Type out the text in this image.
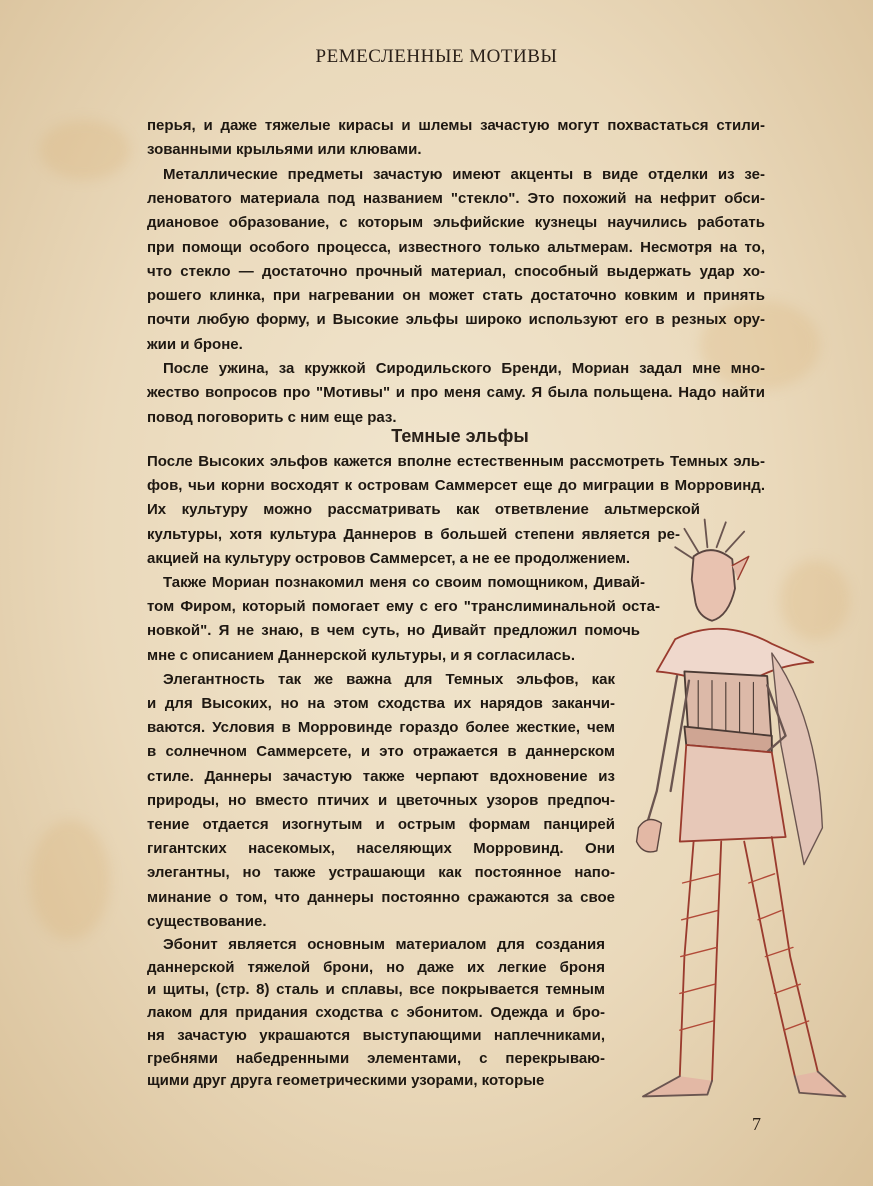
РЕМЕСЛЕННЫЕ МОТИВЫ
Темные эльфы
перья, и даже тяжелые кирасы и шлемы зачастую могут похвастаться стили-
зованными крыльями или клювами.
Металлические предметы зачастую имеют акценты в виде отделки из зе-
леноватого материала под названием "стекло". Это похожий на нефрит обси-
диановое образование, с которым эльфийские кузнецы научились работать
при помощи особого процесса, известного только альтмерам. Несмотря на то,
что стекло — достаточно прочный материал, способный выдержать удар хо-
рошего клинка, при нагревании он может стать достаточно ковким и принять
почти любую форму, и Высокие эльфы широко используют его в резных ору-
жии и броне.
После ужина, за кружкой Сиродильского Бренди, Мориан задал мне мно-
жество вопросов про "Мотивы" и про меня саму. Я была польщена. Надо найти
повод поговорить с ним еще раз.
После Высоких эльфов кажется вполне естественным рассмотреть Темных эль-
фов, чьи корни восходят к островам Саммерсет еще до миграции в Морровинд.
Их культуру можно рассматривать как ответвление альтмерской
культуры, хотя культура Даннеров в большей степени является ре-
акцией на культуру островов Саммерсет, а не ее продолжением.
Также Мориан познакомил меня со своим помощником, Дивай-
том Фиром, который помогает ему с его "транслиминальной оста-
новкой". Я не знаю, в чем суть, но Дивайт предложил помочь
мне с описанием Даннерской культуры, и я согласилась.
Элегантность так же важна для Темных эльфов, как
и для Высоких, но на этом сходства их нарядов заканчи-
ваются. Условия в Морровинде гораздо более жесткие, чем
в солнечном Саммерсете, и это отражается в даннерском
стиле. Даннеры зачастую также черпают вдохновение из
природы, но вместо птичих и цветочных узоров предпоч-
тение отдается изогнутым и острым формам панцирей
гигантских насекомых, населяющих Морровинд. Они
элегантны, но также устрашающи как постоянное напо-
минание о том, что даннеры постоянно сражаются за свое
существование.
Эбонит является основным материалом для создания
даннерской тяжелой брони, но даже их легкие броня
и щиты, (стр. 8) сталь и сплавы, все покрывается темным
лаком для придания сходства с эбонитом. Одежда и бро-
ня зачастую украшаются выступающими наплечниками,
гребнями набедренными элементами, с перекрываю-
щими друг друга геометрическими узорами, которые
7
